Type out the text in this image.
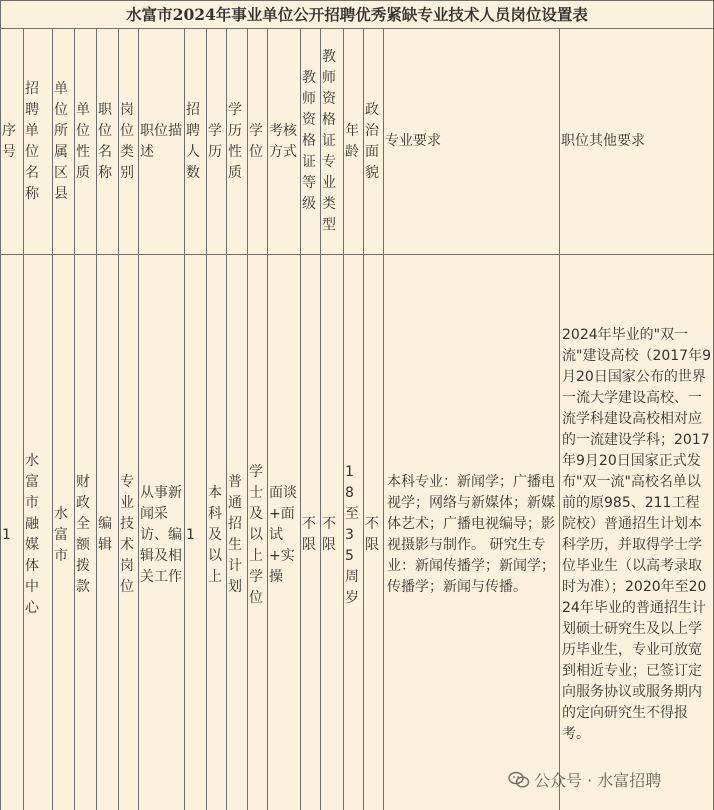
水富市2024年事业单位公开招聘优秀紧缺专业技术人员岗位设置表																	
序号	招聘单位名称	单位所属区县	单位性质	职位名称	岗位类别	职位描述	招聘人数	学历	学历性质	学位	考核方式	教师资格证等级	教师资格证专业类型	年龄	政治面貌	专业要求	职位其他要求
1	水富市融媒体中心	水富市	财政全额拨款	编辑	专业技术岗位	从事新闻采访、编辑及相关工作	1	本科及以上	普通招生计划	学士及以上学位	面谈+面试+实操	不限	不限	18至35周岁	不限	本科专业：新闻学；广播电视学；网络与新媒体；新媒体艺术；广播电视编导；影视摄影与制作。 研究生专业：新闻传播学；新闻学；传播学；新闻与传播。	2024年毕业的"双一流"建设高校（2017年9月20日国家公布的世界一流大学建设高校、一流学科建设高校相对应的一流建设学科；2017年9月20日国家正式发布"双一流"高校名单以前的原985、211工程院校）普通招生计划本科学历，并取得学士学位毕业生（以高考录取时为准）；2020年至2024年毕业的普通招生计划硕士研究生及以上学历毕业生，专业可放宽到相近专业；已签订定向服务协议或服务期内的定向研究生不得报考。
公众号 · 水富招聘
